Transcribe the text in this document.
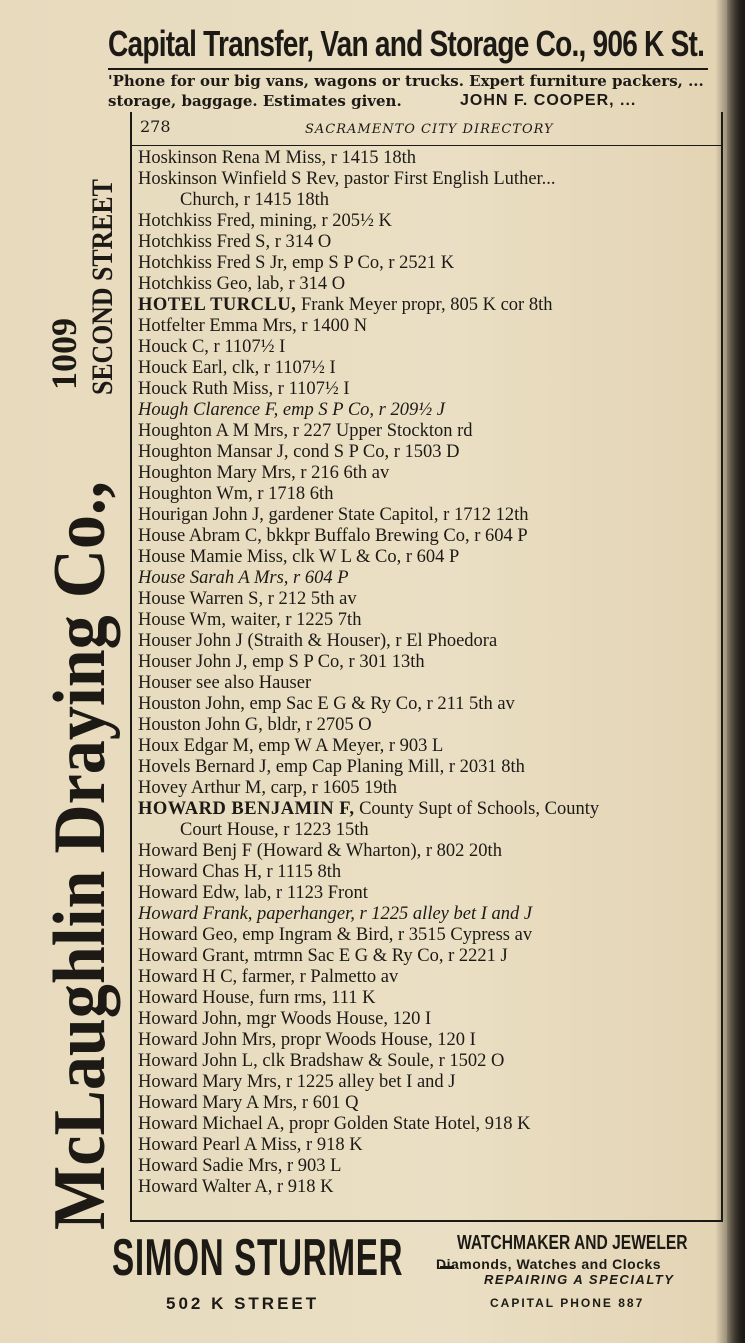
Capital Transfer, Van and Storage Co., 906 K St.
'Phone for our big vans, wagons or trucks. Expert furniture packers, ...
storage, baggage. Estimates given.	JOHN F. COOPER, ...
McLaughlin Draying Co.,
1009 SECOND STREET
278	SACRAMENTO CITY DIRECTORY
Hoskinson Rena M Miss, r 1415 18th
Hoskinson Winfield S Rev, pastor First English Luther...
Church, r 1415 18th
Hotchkiss Fred, mining, r 205½ K
Hotchkiss Fred S, r 314 O
Hotchkiss Fred S Jr, emp S P Co, r 2521 K
Hotchkiss Geo, lab, r 314 O
HOTEL TURCLU, Frank Meyer propr, 805 K cor 8th
Hotfelter Emma Mrs, r 1400 N
Houck C, r 1107½ I
Houck Earl, clk, r 1107½ I
Houck Ruth Miss, r 1107½ I
Hough Clarence F, emp S P Co, r 209½ J
Houghton A M Mrs, r 227 Upper Stockton rd
Houghton Mansar J, cond S P Co, r 1503 D
Houghton Mary Mrs, r 216 6th av
Houghton Wm, r 1718 6th
Hourigan John J, gardener State Capitol, r 1712 12th
House Abram C, bkkpr Buffalo Brewing Co, r 604 P
House Mamie Miss, clk W L & Co, r 604 P
House Sarah A Mrs, r 604 P
House Warren S, r 212 5th av
House Wm, waiter, r 1225 7th
Houser John J (Straith & Houser), r El Phoedora
Houser John J, emp S P Co, r 301 13th
Houser see also Hauser
Houston John, emp Sac E G & Ry Co, r 211 5th av
Houston John G, bldr, r 2705 O
Houx Edgar M, emp W A Meyer, r 903 L
Hovels Bernard J, emp Cap Planing Mill, r 2031 8th
Hovey Arthur M, carp, r 1605 19th
HOWARD BENJAMIN F, County Supt of Schools, County
Court House, r 1223 15th
Howard Benj F (Howard & Wharton), r 802 20th
Howard Chas H, r 1115 8th
Howard Edw, lab, r 1123 Front
Howard Frank, paperhanger, r 1225 alley bet I and J
Howard Geo, emp Ingram & Bird, r 3515 Cypress av
Howard Grant, mtrmn Sac E G & Ry Co, r 2221 J
Howard H C, farmer, r Palmetto av
Howard House, furn rms, 111 K
Howard John, mgr Woods House, 120 I
Howard John Mrs, propr Woods House, 120 I
Howard John L, clk Bradshaw & Soule, r 1502 O
Howard Mary Mrs, r 1225 alley bet I and J
Howard Mary A Mrs, r 601 Q
Howard Michael A, propr Golden State Hotel, 918 K
Howard Pearl A Miss, r 918 K
Howard Sadie Mrs, r 903 L
Howard Walter A, r 918 K
SIMON STURMER	WATCHMAKER AND JEWELER
Diamonds, Watches and Clocks
REPAIRING A SPECIALTY
502 K STREET	CAPITAL PHONE 887
